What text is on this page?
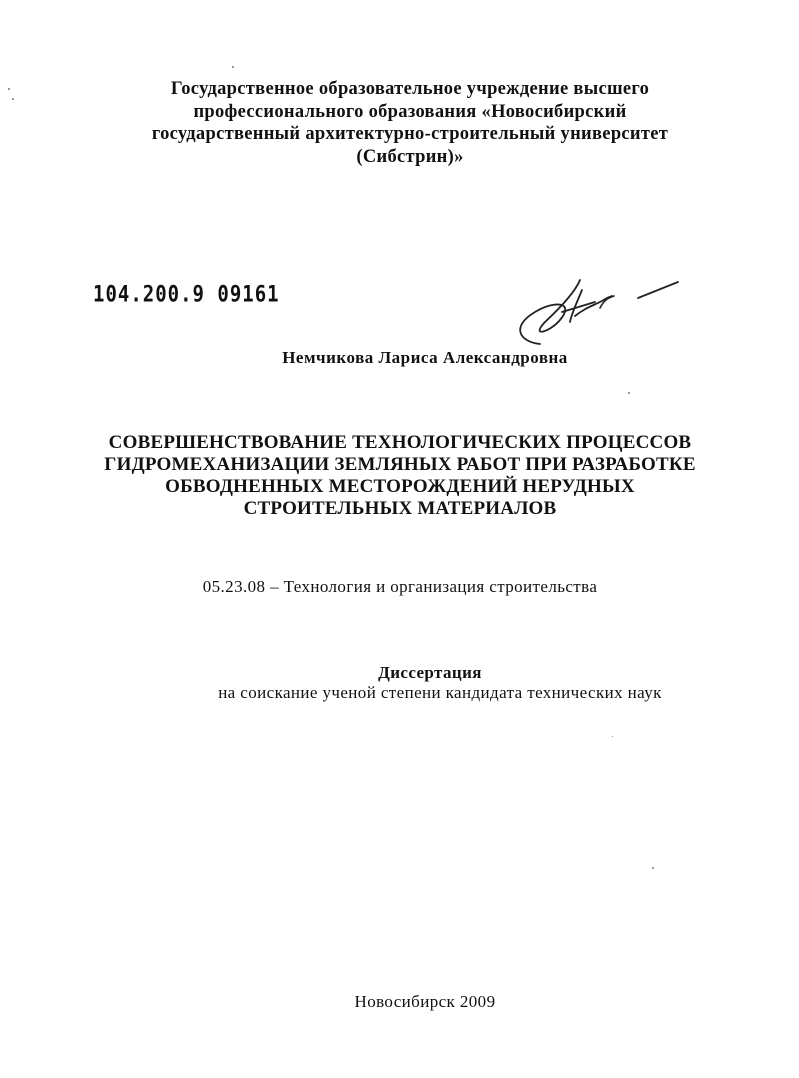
Государственное образовательное учреждение высшего
профессионального образования «Новосибирский
государственный архитектурно-строительный университет
(Сибстрин)»
104.200.9 09161
Немчикова Лариса Александровна
СОВЕРШЕНСТВОВАНИЕ ТЕХНОЛОГИЧЕСКИХ ПРОЦЕССОВ
ГИДРОМЕХАНИЗАЦИИ ЗЕМЛЯНЫХ РАБОТ ПРИ РАЗРАБОТКЕ
ОБВОДНЕННЫХ МЕСТОРОЖДЕНИЙ НЕРУДНЫХ
СТРОИТЕЛЬНЫХ МАТЕРИАЛОВ
05.23.08 – Технология и организация строительства
Диссертация
на соискание ученой степени кандидата технических наук
Новосибирск 2009
